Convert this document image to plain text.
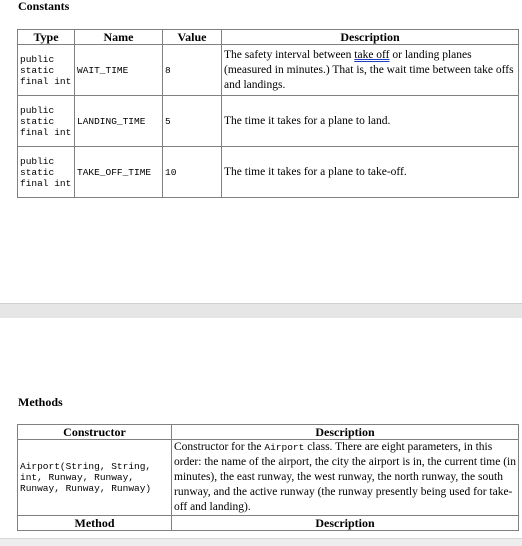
Constants
Type	Name	Value	Description
public static final int	WAIT_TIME	8	The safety interval between take off or landing planes (measured in minutes.) That is, the wait time between take offs and landings.
public static final int	LANDING_TIME	5	The time it takes for a plane to land.
public static final int	TAKE_OFF_TIME	10	The time it takes for a plane to take-off.
Methods
Constructor	Description
Airport(String, String, int, Runway, Runway, Runway, Runway, Runway)	Constructor for the Airport class. There are eight parameters, in this order: the name of the airport, the city the airport is in, the current time (in minutes), the east runway, the west runway, the north runway, the south runway, and the active runway (the runway presently being used for take-off and landing).
Method	Description
